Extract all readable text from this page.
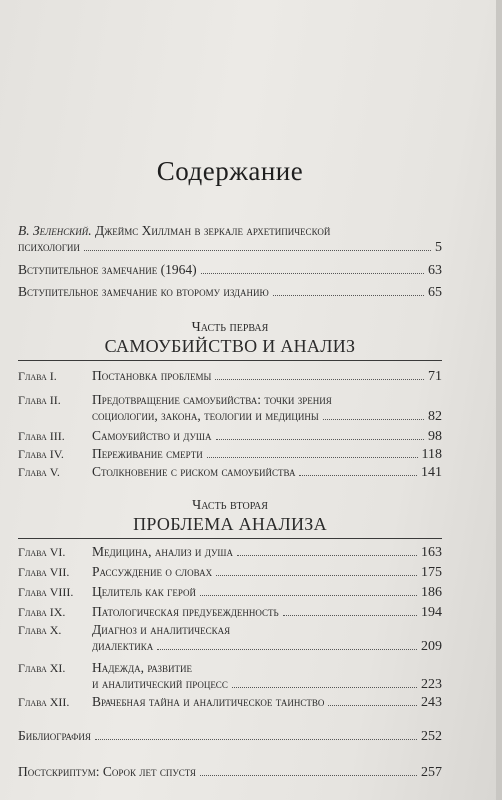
Содержание
В. Зеленский.
Джеймс Хиллман в зеркале архетипической
психологии	5
Вступительное замечание (1964)	63
Вступительное замечание ко второму изданию	65
Часть первая
САМОУБИЙСТВО И АНАЛИЗ
Глава I.	Постановка проблемы	71
Глава II.	Предотвращение самоубийства: точки зрения
социологии, закона, теологии и медицины	82
Глава III.	Самоубийство и душа	98
Глава IV.	Переживание смерти	118
Глава V.	Столкновение с риском самоубийства	141
Часть вторая
ПРОБЛЕМА АНАЛИЗА
Глава VI.	Медицина, анализ и душа	163
Глава VII.	Рассуждение о словах	175
Глава VIII.	Целитель как герой	186
Глава IX.	Патологическая предубежденность	194
Глава X.	Диагноз и аналитическая
диалектика	209
Глава XI.	Надежда, развитие
и аналитический процесс	223
Глава XII.	Врачебная тайна и аналитическое таинство	243
Библиография	252
Постскриптум: Сорок лет спустя	257
